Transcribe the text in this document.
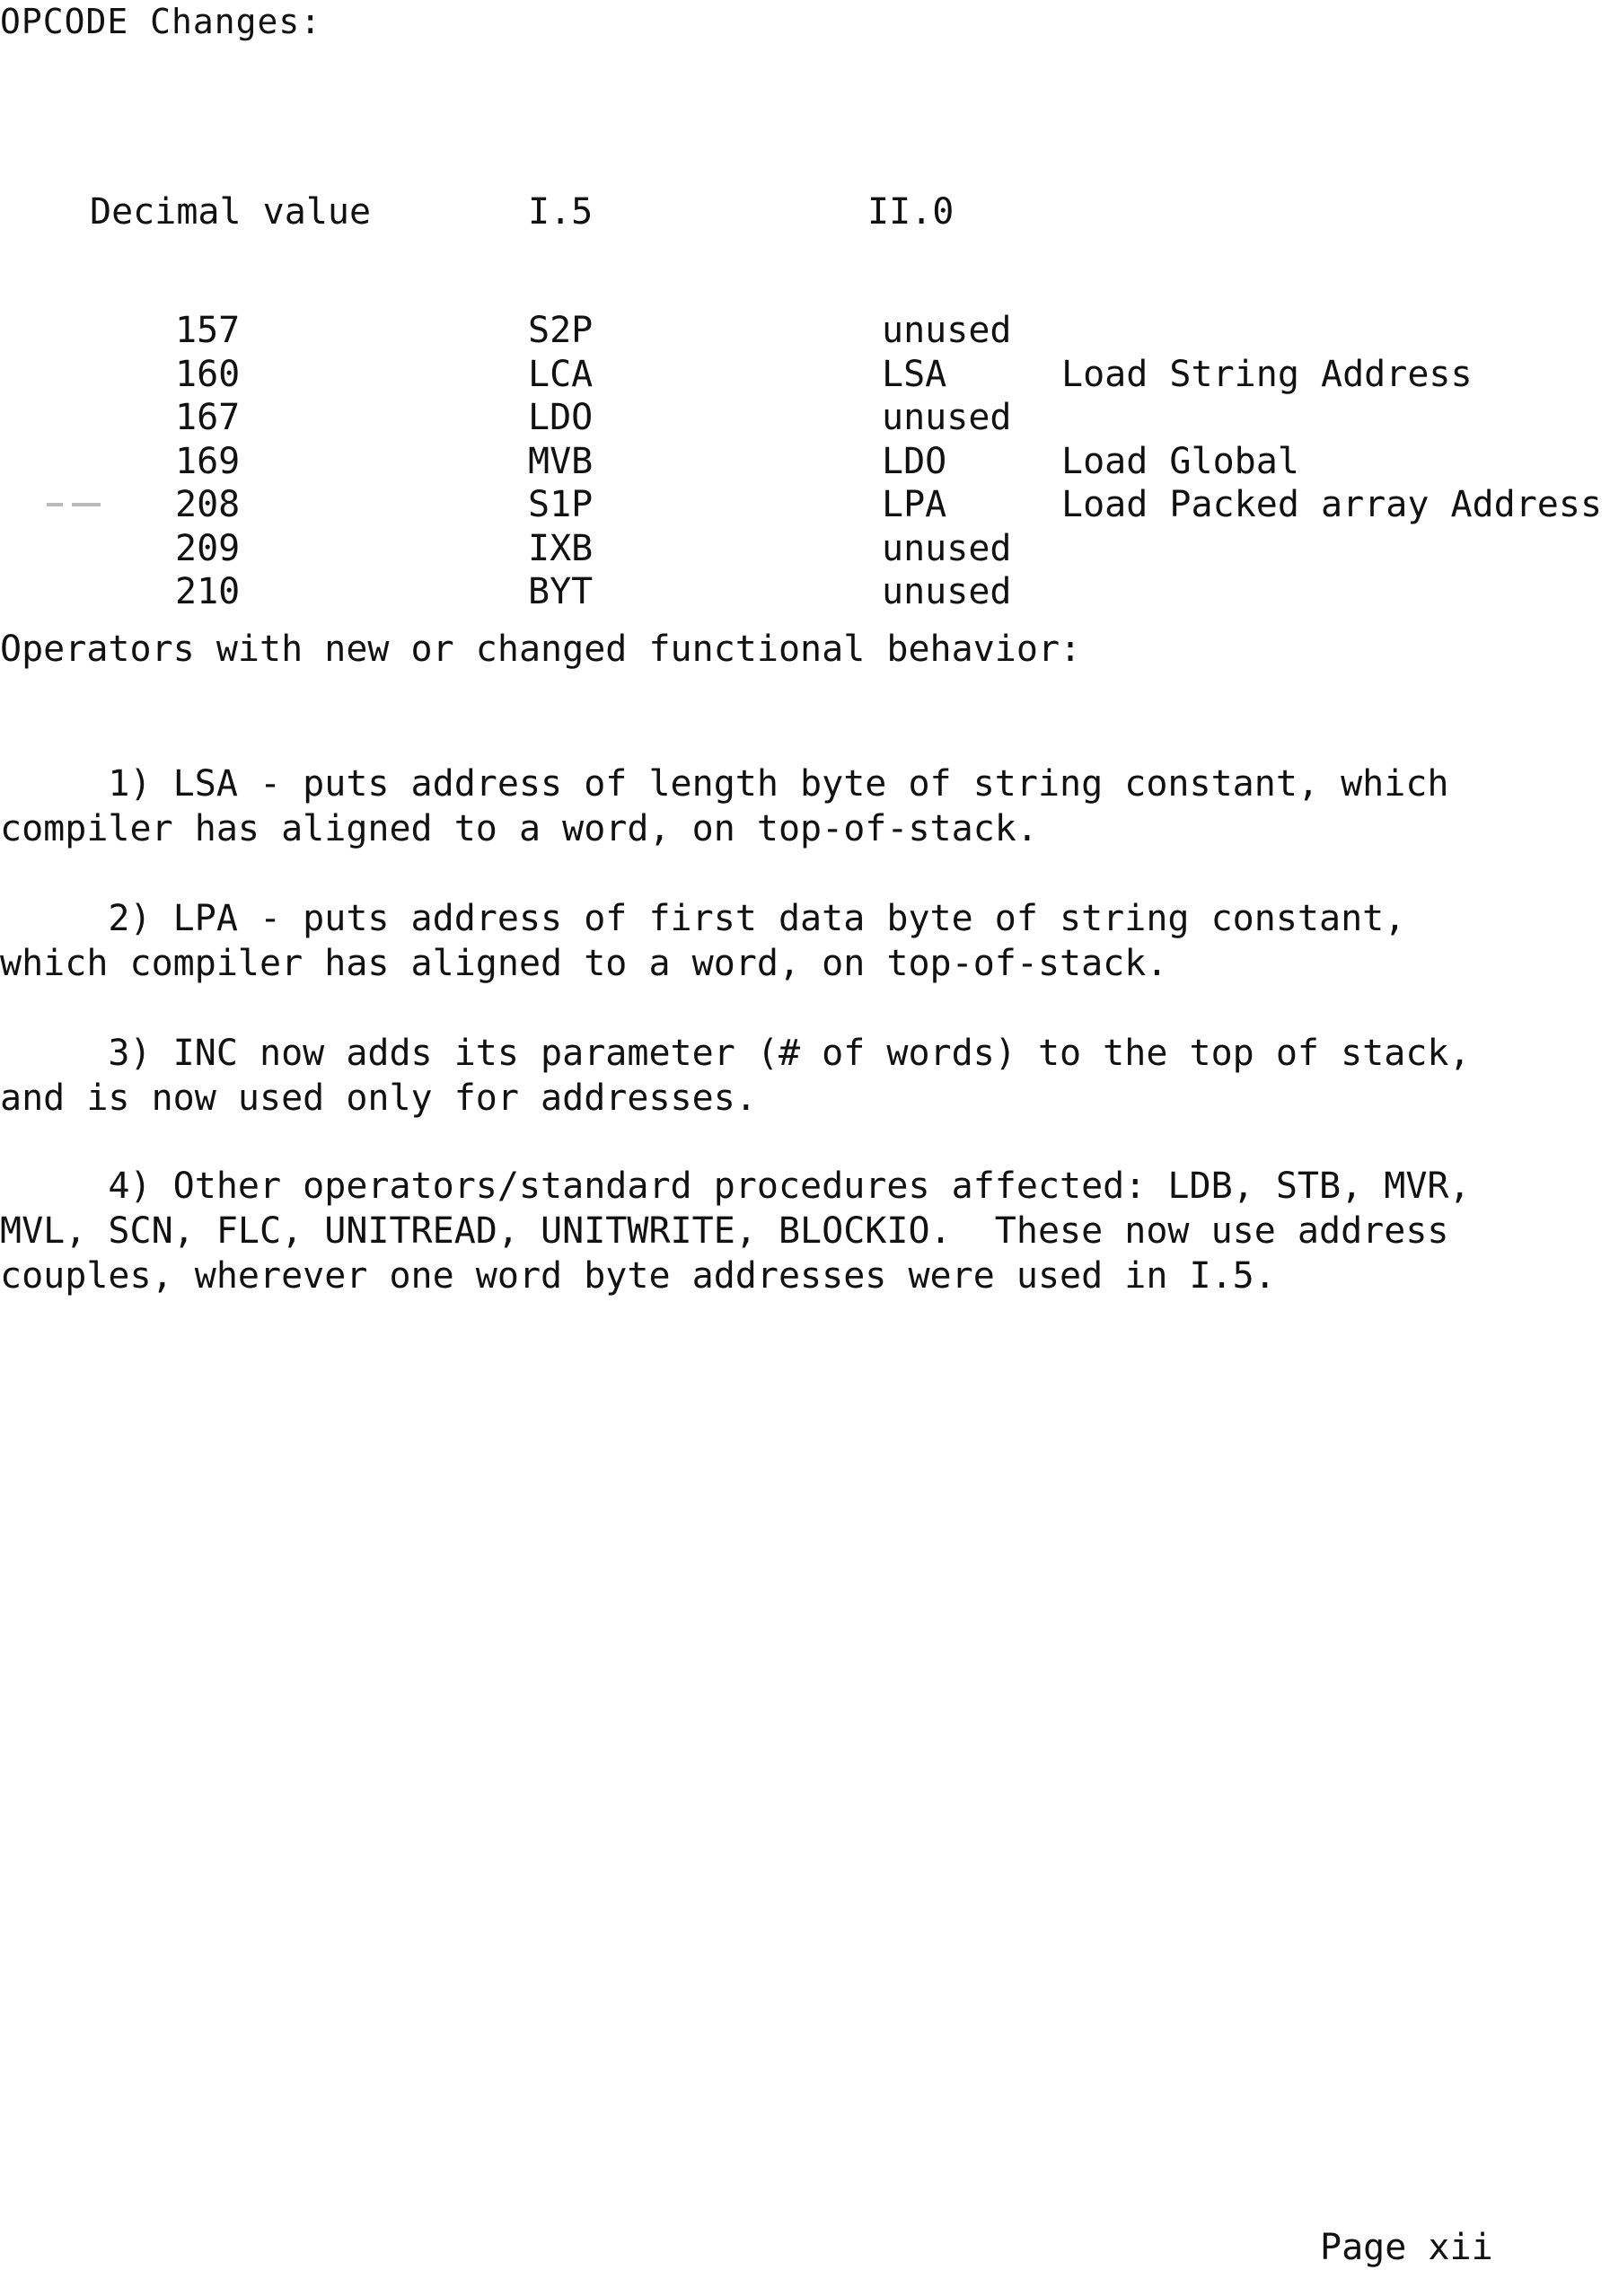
OPCODE Changes:
Decimal value	I.5	II.0
157	S2P	unused
160	LCA	LSA	Load String Address
167	LDO	unused
169	MVB	LDO	Load Global
208	S1P	LPA	Load Packed array Address
209	IXB	unused
210	BYT	unused
Operators with new or changed functional behavior:
1) LSA - puts address of length byte of string constant, which
compiler has aligned to a word, on top-of-stack.
2) LPA - puts address of first data byte of string constant,
which compiler has aligned to a word, on top-of-stack.
3) INC now adds its parameter (# of words) to the top of stack,
and is now used only for addresses.
4) Other operators/standard procedures affected: LDB, STB, MVR,
MVL, SCN, FLC, UNITREAD, UNITWRITE, BLOCKIO.  These now use address
couples, wherever one word byte addresses were used in I.5.
Page xii
